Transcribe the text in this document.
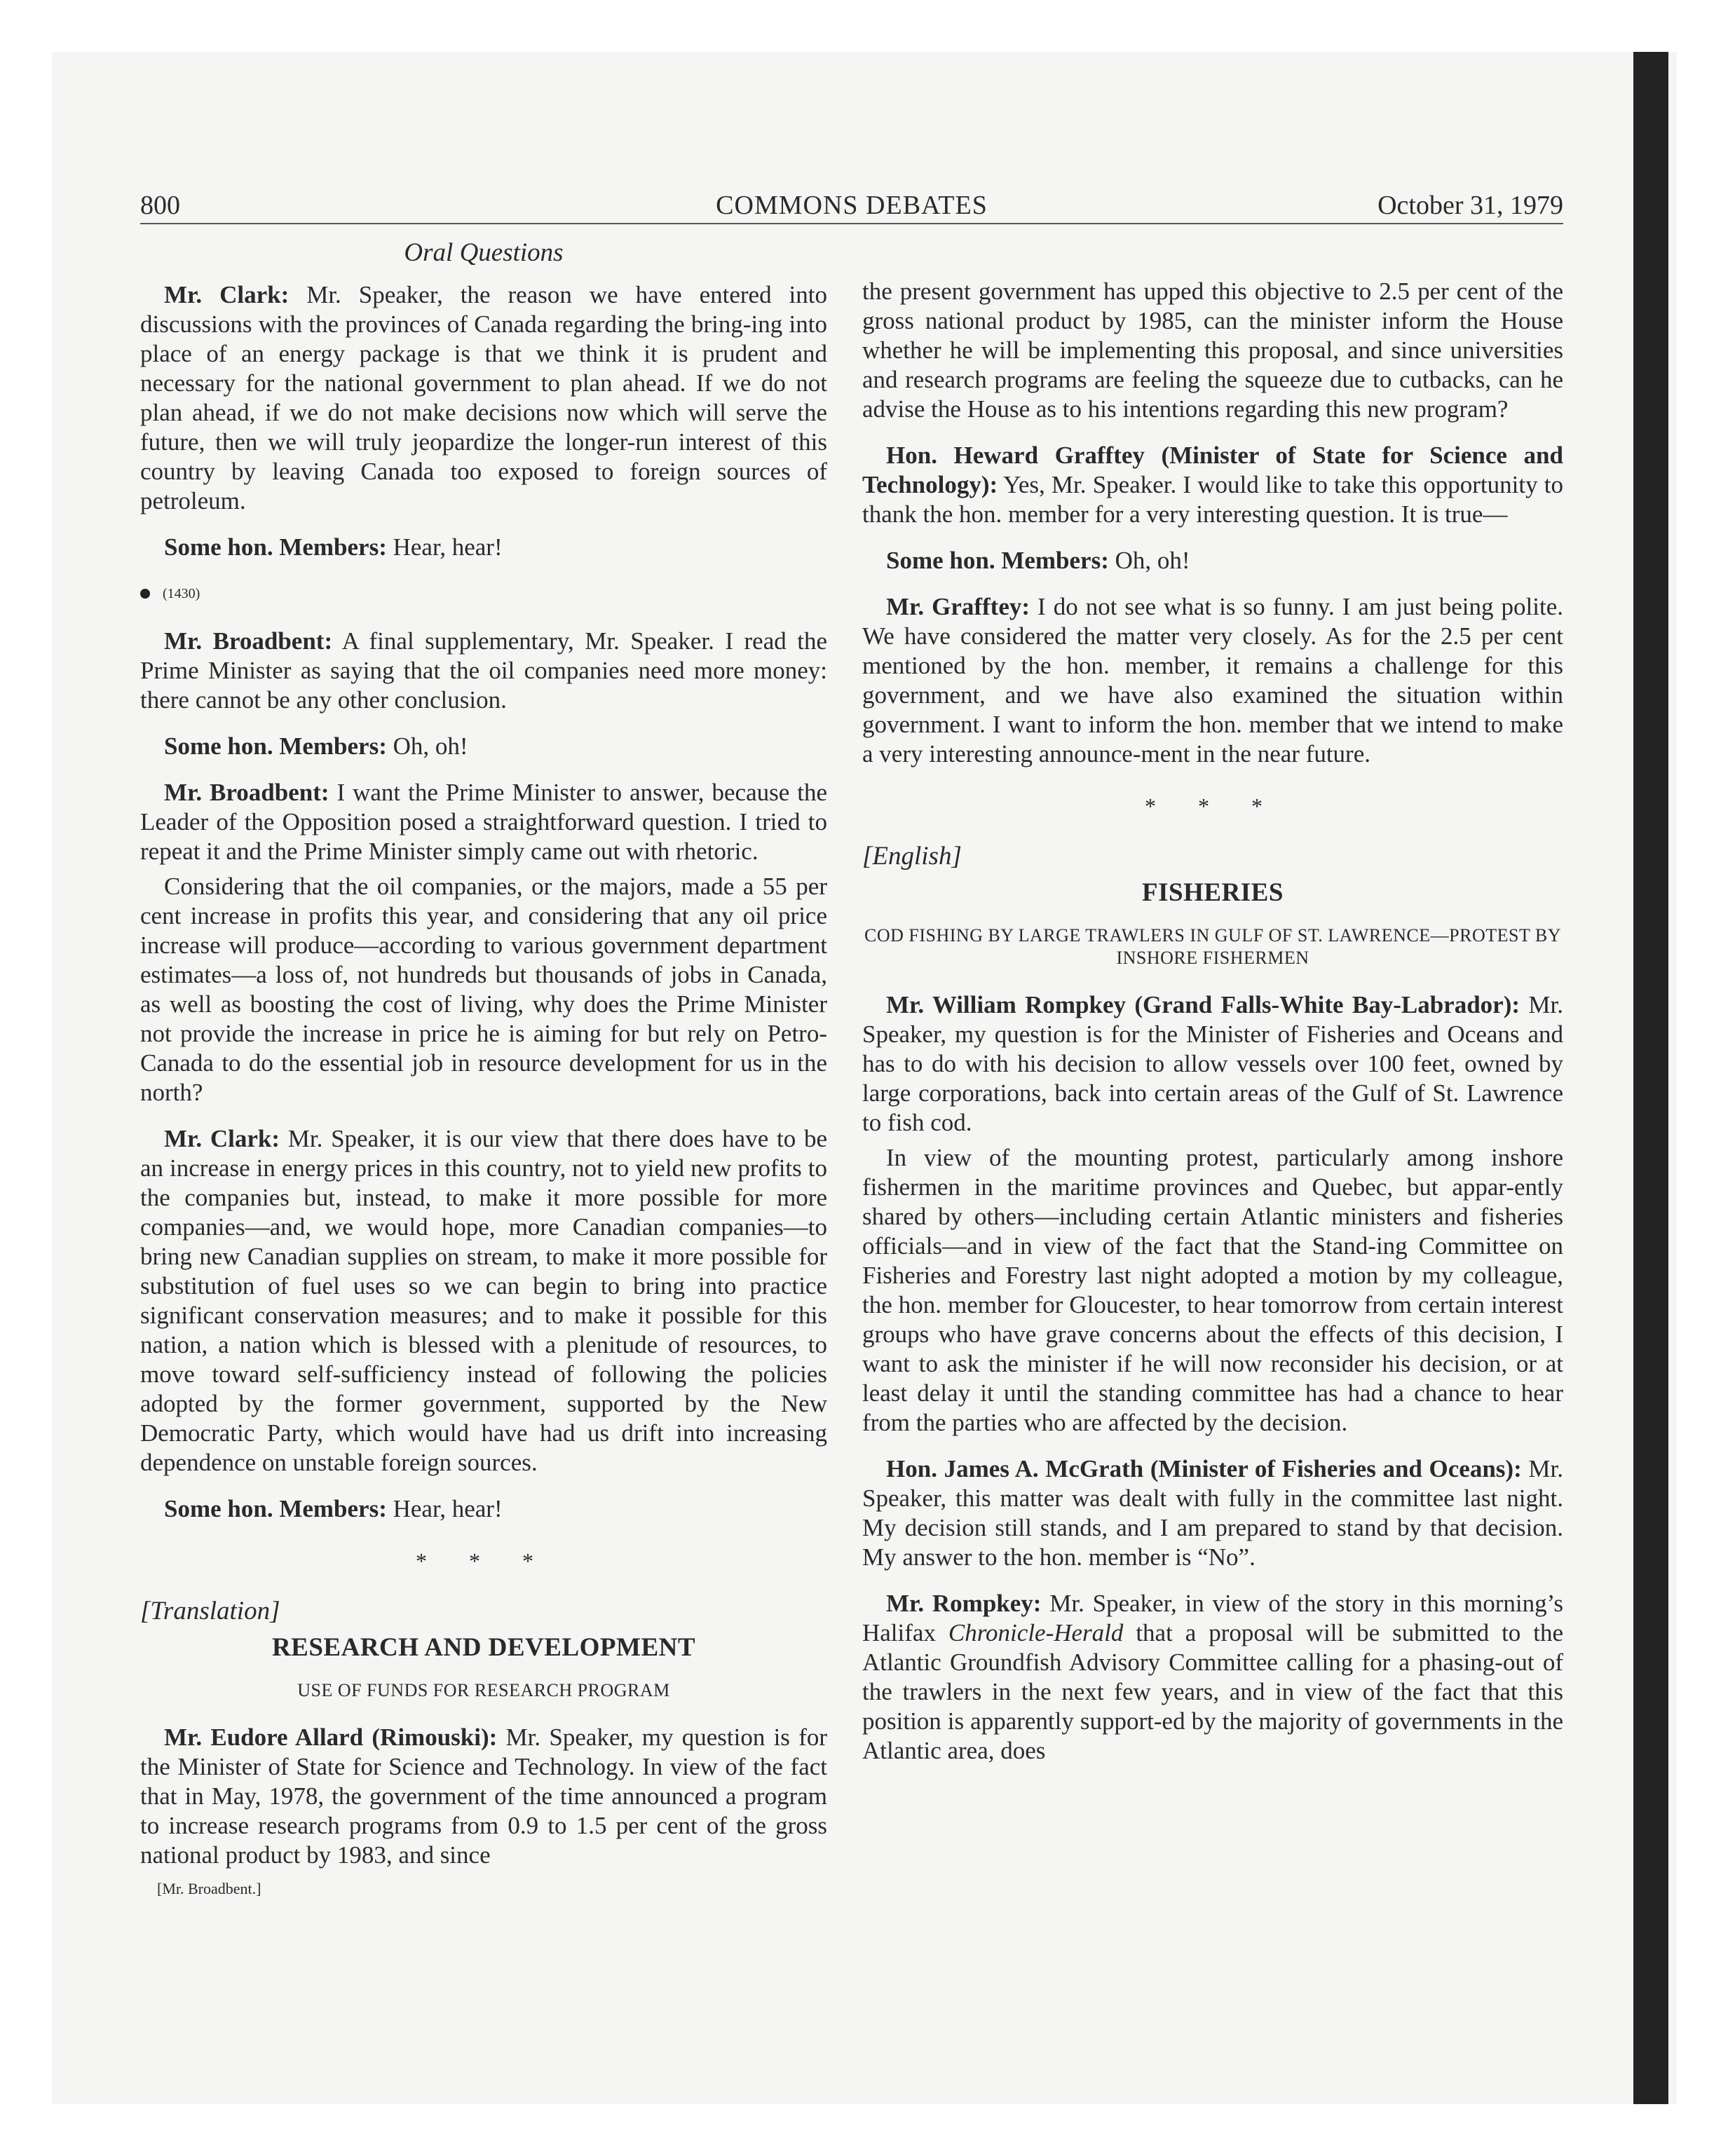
800	COMMONS DEBATES	October 31, 1979
Oral Questions

Mr. Clark: Mr. Speaker, the reason we have entered into discussions with the provinces of Canada regarding the bring-ing into place of an energy package is that we think it is prudent and necessary for the national government to plan ahead. If we do not plan ahead, if we do not make decisions now which will serve the future, then we will truly jeopardize the longer-run interest of this country by leaving Canada too exposed to foreign sources of petroleum.

Some hon. Members: Hear, hear!

(1430)

Mr. Broadbent: A final supplementary, Mr. Speaker. I read the Prime Minister as saying that the oil companies need more money: there cannot be any other conclusion.

Some hon. Members: Oh, oh!

Mr. Broadbent: I want the Prime Minister to answer, because the Leader of the Opposition posed a straightforward question. I tried to repeat it and the Prime Minister simply came out with rhetoric.

Considering that the oil companies, or the majors, made a 55 per cent increase in profits this year, and considering that any oil price increase will produce—according to various government department estimates—a loss of, not hundreds but thousands of jobs in Canada, as well as boosting the cost of living, why does the Prime Minister not provide the increase in price he is aiming for but rely on Petro-Canada to do the essential job in resource development for us in the north?

Mr. Clark: Mr. Speaker, it is our view that there does have to be an increase in energy prices in this country, not to yield new profits to the companies but, instead, to make it more possible for more companies—and, we would hope, more Canadian companies—to bring new Canadian supplies on stream, to make it more possible for substitution of fuel uses so we can begin to bring into practice significant conservation measures; and to make it possible for this nation, a nation which is blessed with a plenitude of resources, to move toward self-sufficiency instead of following the policies adopted by the former government, supported by the New Democratic Party, which would have had us drift into increasing dependence on unstable foreign sources.

Some hon. Members: Hear, hear!

* * *
[Translation]
RESEARCH AND DEVELOPMENT
USE OF FUNDS FOR RESEARCH PROGRAM

Mr. Eudore Allard (Rimouski): Mr. Speaker, my question is for the Minister of State for Science and Technology. In view of the fact that in May, 1978, the government of the time announced a program to increase research programs from 0.9 to 1.5 per cent of the gross national product by 1983, and since

[Mr. Broadbent.]

the present government has upped this objective to 2.5 per cent of the gross national product by 1985, can the minister inform the House whether he will be implementing this proposal, and since universities and research programs are feeling the squeeze due to cutbacks, can he advise the House as to his intentions regarding this new program?

Hon. Heward Grafftey (Minister of State for Science and Technology): Yes, Mr. Speaker. I would like to take this opportunity to thank the hon. member for a very interesting question. It is true—

Some hon. Members: Oh, oh!

Mr. Grafftey: I do not see what is so funny. I am just being polite. We have considered the matter very closely. As for the 2.5 per cent mentioned by the hon. member, it remains a challenge for this government, and we have also examined the situation within government. I want to inform the hon. member that we intend to make a very interesting announce-ment in the near future.

* * *
[English]
FISHERIES
COD FISHING BY LARGE TRAWLERS IN GULF OF ST. LAWRENCE—PROTEST BY INSHORE FISHERMEN

Mr. William Rompkey (Grand Falls-White Bay-Labrador): Mr. Speaker, my question is for the Minister of Fisheries and Oceans and has to do with his decision to allow vessels over 100 feet, owned by large corporations, back into certain areas of the Gulf of St. Lawrence to fish cod.

In view of the mounting protest, particularly among inshore fishermen in the maritime provinces and Quebec, but appar-ently shared by others—including certain Atlantic ministers and fisheries officials—and in view of the fact that the Stand-ing Committee on Fisheries and Forestry last night adopted a motion by my colleague, the hon. member for Gloucester, to hear tomorrow from certain interest groups who have grave concerns about the effects of this decision, I want to ask the minister if he will now reconsider his decision, or at least delay it until the standing committee has had a chance to hear from the parties who are affected by the decision.

Hon. James A. McGrath (Minister of Fisheries and Oceans): Mr. Speaker, this matter was dealt with fully in the committee last night. My decision still stands, and I am prepared to stand by that decision. My answer to the hon. member is “No”.

Mr. Rompkey: Mr. Speaker, in view of the story in this morning’s Halifax Chronicle-Herald that a proposal will be submitted to the Atlantic Groundfish Advisory Committee calling for a phasing-out of the trawlers in the next few years, and in view of the fact that this position is apparently support-ed by the majority of governments in the Atlantic area, does
